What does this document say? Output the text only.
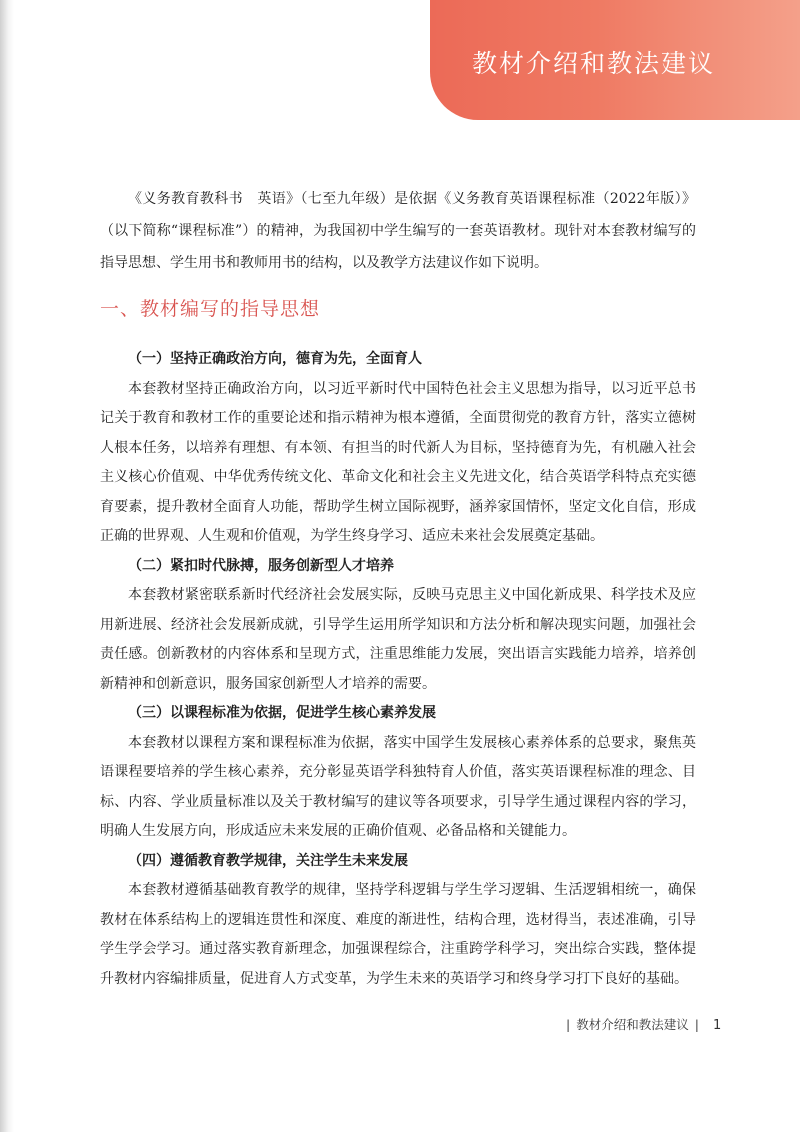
教材介绍和教法建议

《义务教育教科书　英语》（七至九年级）是依据《义务教育英语课程标准（2022年版）》（以下简称“课程标准”）的精神，为我国初中学生编写的一套英语教材。现针对本套教材编写的指导思想、学生用书和教师用书的结构，以及教学方法建议作如下说明。

一、教材编写的指导思想

（一）坚持正确政治方向，德育为先，全面育人

本套教材坚持正确政治方向，以习近平新时代中国特色社会主义思想为指导，以习近平总书记关于教育和教材工作的重要论述和指示精神为根本遵循，全面贯彻党的教育方针，落实立德树人根本任务，以培养有理想、有本领、有担当的时代新人为目标，坚持德育为先，有机融入社会主义核心价值观、中华优秀传统文化、革命文化和社会主义先进文化，结合英语学科特点充实德育要素，提升教材全面育人功能，帮助学生树立国际视野，涵养家国情怀，坚定文化自信，形成正确的世界观、人生观和价值观，为学生终身学习、适应未来社会发展奠定基础。

（二）紧扣时代脉搏，服务创新型人才培养

本套教材紧密联系新时代经济社会发展实际，反映马克思主义中国化新成果、科学技术及应用新进展、经济社会发展新成就，引导学生运用所学知识和方法分析和解决现实问题，加强社会责任感。创新教材的内容体系和呈现方式，注重思维能力发展，突出语言实践能力培养，培养创新精神和创新意识，服务国家创新型人才培养的需要。

（三）以课程标准为依据，促进学生核心素养发展

本套教材以课程方案和课程标准为依据，落实中国学生发展核心素养体系的总要求，聚焦英语课程要培养的学生核心素养，充分彰显英语学科独特育人价值，落实英语课程标准的理念、目标、内容、学业质量标准以及关于教材编写的建议等各项要求，引导学生通过课程内容的学习，明确人生发展方向，形成适应未来发展的正确价值观、必备品格和关键能力。

（四）遵循教育教学规律，关注学生未来发展

本套教材遵循基础教育教学的规律，坚持学科逻辑与学生学习逻辑、生活逻辑相统一，确保教材在体系结构上的逻辑连贯性和深度、难度的渐进性，结构合理，选材得当，表述准确，引导学生学会学习。通过落实教育新理念，加强课程综合，注重跨学科学习，突出综合实践，整体提升教材内容编排质量，促进育人方式变革，为学生未来的英语学习和终身学习打下良好的基础。

| 教材介绍和教法建议 | 1
